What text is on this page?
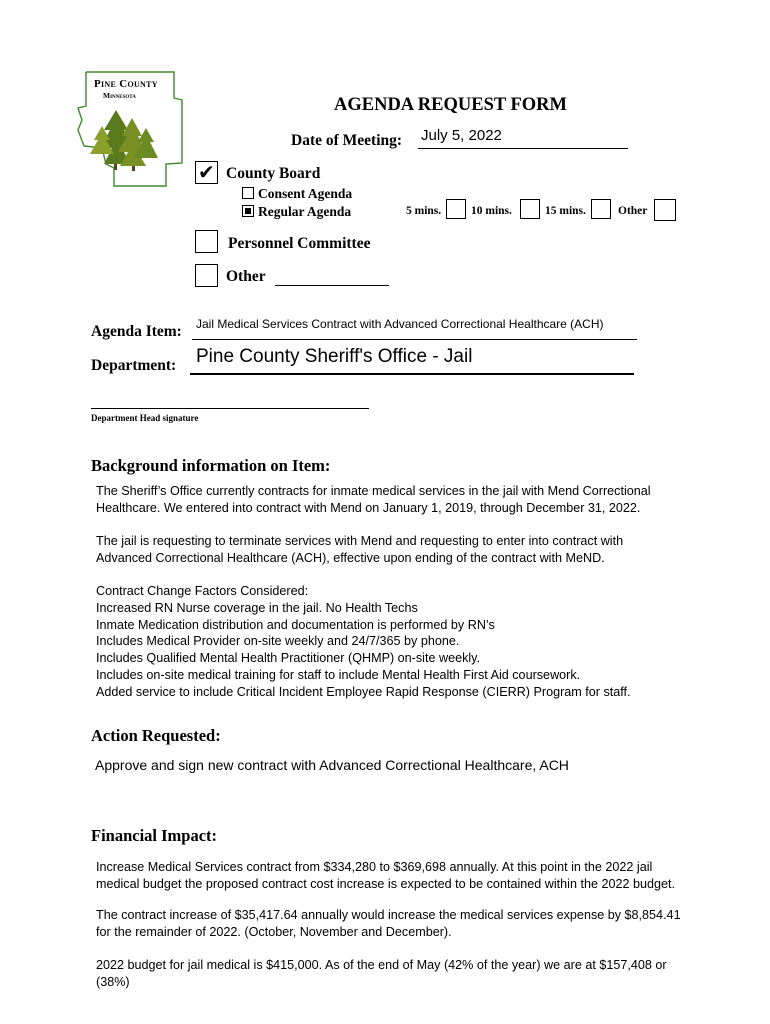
Pine County
Minnesota	AGENDA REQUEST FORM
Date of Meeting: July 5, 2022
✔ County Board
Consent Agenda
Regular Agenda	5 mins.	10 mins.	15 mins.	Other
Personnel Committee
Other
Agenda Item: Jail Medical Services Contract with Advanced Correctional Healthcare (ACH)
Department: Pine County Sheriff's Office - Jail
Department Head signature
Background information on Item:
The Sheriff’s Office currently contracts for inmate medical services in the jail with Mend Correctional
Healthcare. We entered into contract with Mend on January 1, 2019, through December 31, 2022.
The jail is requesting to terminate services with Mend and requesting to enter into contract with
Advanced Correctional Healthcare (ACH), effective upon ending of the contract with MeND.
Contract Change Factors Considered:
Increased RN Nurse coverage in the jail. No Health Techs
Inmate Medication distribution and documentation is performed by RN’s
Includes Medical Provider on-site weekly and 24/7/365 by phone.
Includes Qualified Mental Health Practitioner (QHMP) on-site weekly.
Includes on-site medical training for staff to include Mental Health First Aid coursework.
Added service to include Critical Incident Employee Rapid Response (CIERR) Program for staff.
Action Requested:
Approve and sign new contract with Advanced Correctional Healthcare, ACH
Financial Impact:
Increase Medical Services contract from $334,280 to $369,698 annually. At this point in the 2022 jail
medical budget the proposed contract cost increase is expected to be contained within the 2022 budget.
The contract increase of $35,417.64 annually would increase the medical services expense by $8,854.41
for the remainder of 2022. (October, November and December).
2022 budget for jail medical is $415,000. As of the end of May (42% of the year) we are at $157,408 or
(38%)
